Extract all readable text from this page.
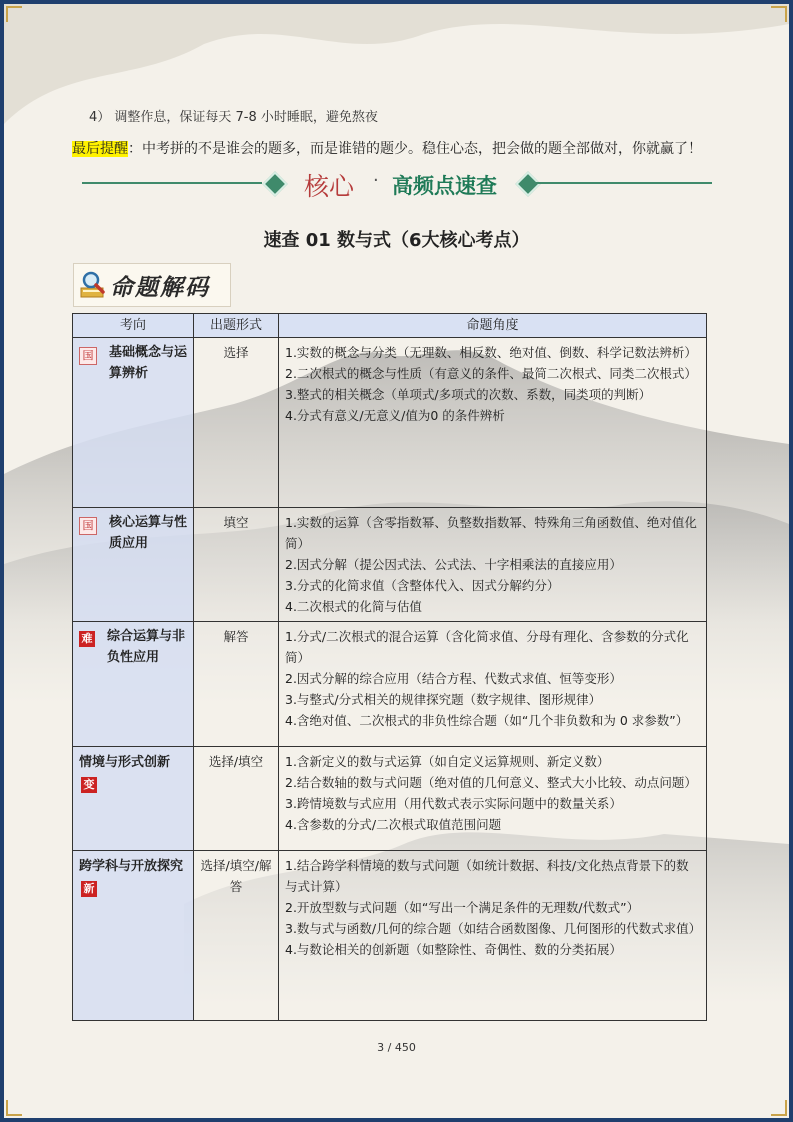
4） 调整作息，保证每天 7-8 小时睡眠，避免熬夜
最后提醒：中考拼的不是谁会的题多，而是谁错的题少。稳住心态，把会做的题全部做对，你就赢了！
核心 · 高频点速查
速查 01 数与式（6大核心考点）
命题解码
考向	出题形式	命题角度

国 基础概念与运算辨析	选择	1.实数的概念与分类（无理数、相反数、绝对值、倒数、科学记数法辨析）
2.二次根式的概念与性质（有意义的条件、最简二次根式、同类二次根式）
3.整式的相关概念（单项式/多项式的次数、系数，同类项的判断）
4.分式有意义/无意义/值为0 的条件辨析

国 核心运算与性质应用	填空	1.实数的运算（含零指数幂、负整数指数幂、特殊角三角函数值、绝对值化简）
2.因式分解（提公因式法、公式法、十字相乘法的直接应用）
3.分式的化简求值（含整体代入、因式分解约分）
4.二次根式的化简与估值

难 综合运算与非负性应用	解答	1.分式/二次根式的混合运算（含化简求值、分母有理化、含参数的分式化简）
2.因式分解的综合应用（结合方程、代数式求值、恒等变形）
3.与整式/分式相关的规律探究题（数字规律、图形规律）
4.含绝对值、二次根式的非负性综合题（如“几个非负数和为 0 求参数”）

情境与形式创新
变	选择/填空	1.含新定义的数与式运算（如自定义运算规则、新定义数）
2.结合数轴的数与式问题（绝对值的几何意义、整式大小比较、动点问题）
3.跨情境数与式应用（用代数式表示实际问题中的数量关系）
4.含参数的分式/二次根式取值范围问题

跨学科与开放探究新	选择/填空/解答	1.结合跨学科情境的数与式问题（如统计数据、科技/文化热点背景下的数与式计算）
2.开放型数与式问题（如“写出一个满足条件的无理数/代数式”）
3.数与式与函数/几何的综合题（如结合函数图像、几何图形的代数式求值）
4.与数论相关的创新题（如整除性、奇偶性、数的分类拓展）
3 / 450
